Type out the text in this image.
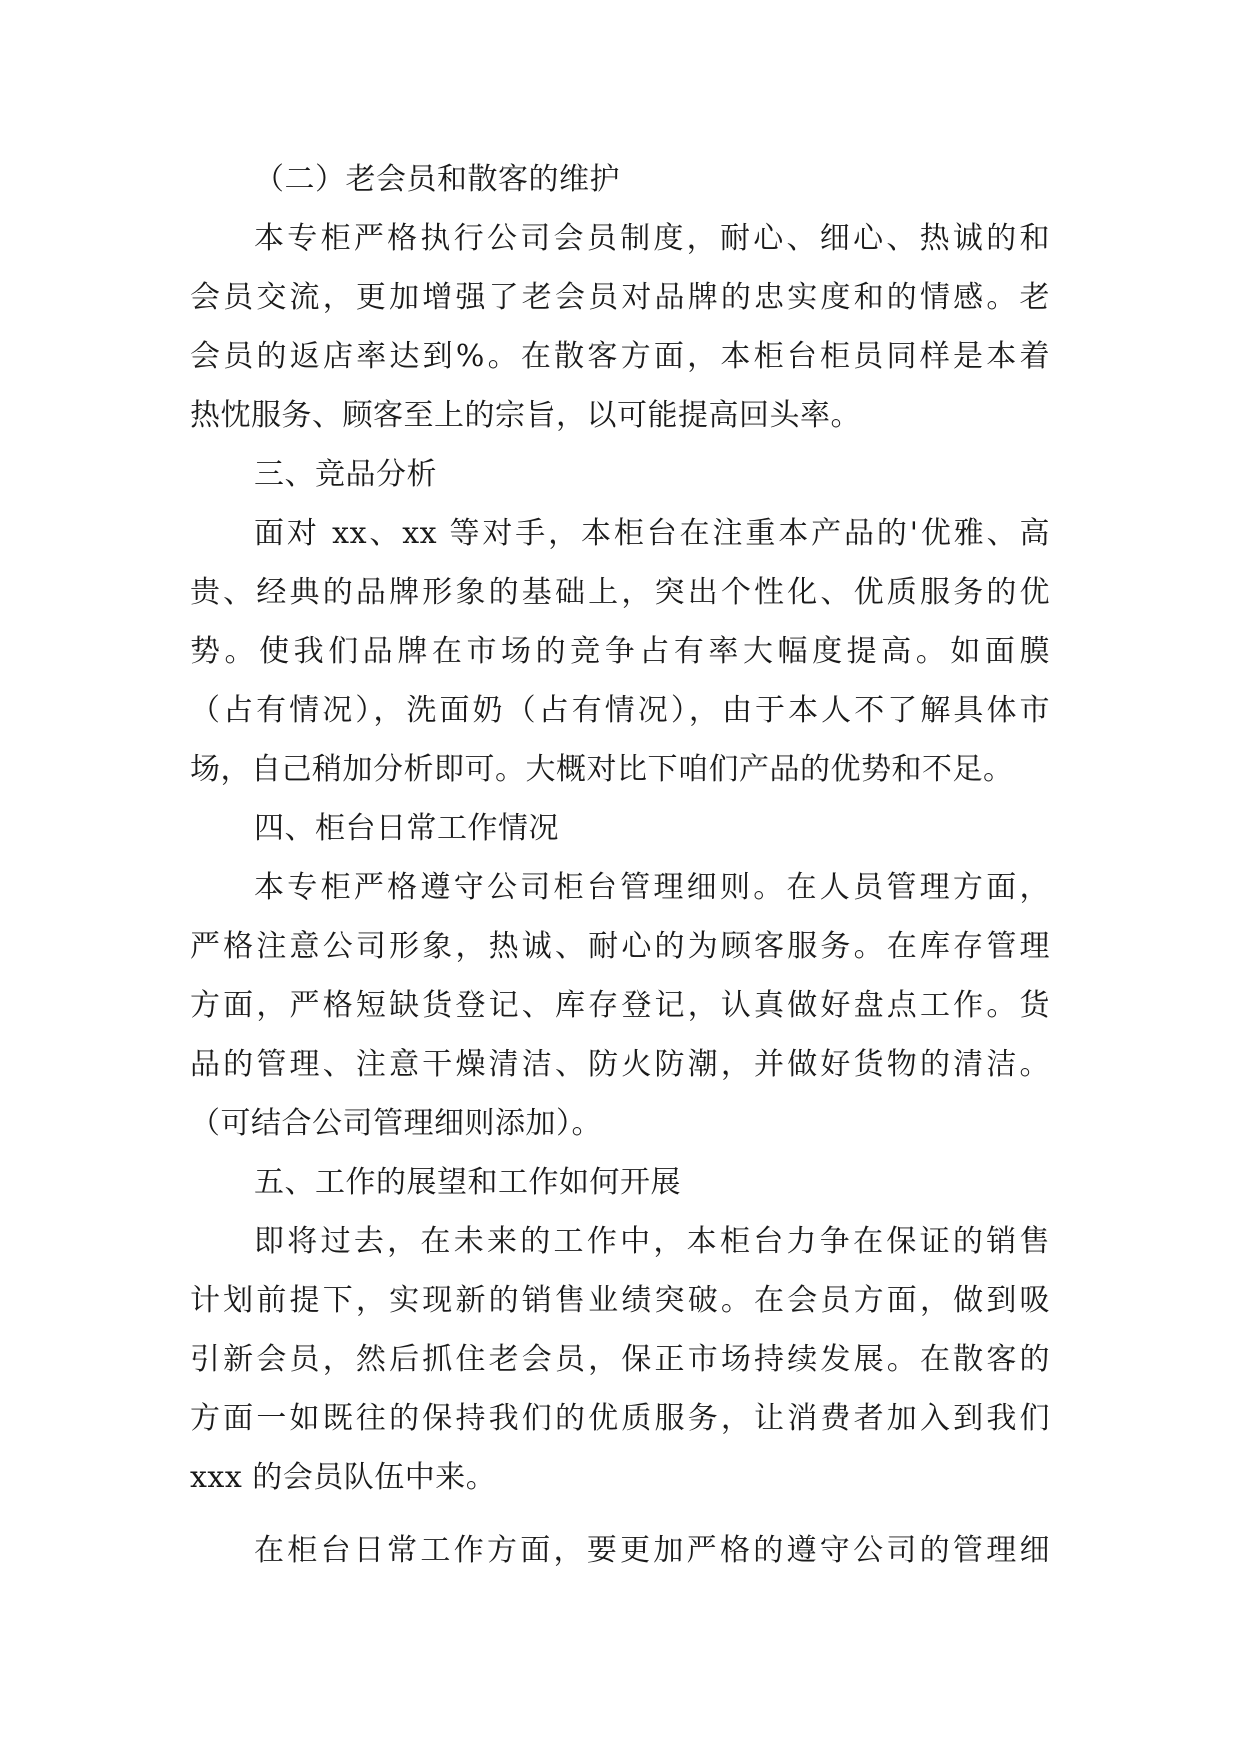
（二）老会员和散客的维护
本专柜严格执行公司会员制度，耐心、细心、热诚的和
会员交流，更加增强了老会员对品牌的忠实度和的情感。老
会员的返店率达到%。在散客方面，本柜台柜员同样是本着
热忱服务、顾客至上的宗旨，以可能提高回头率。
三、竞品分析
面对 xx、xx 等对手，本柜台在注重本产品的'优雅、高
贵、经典的品牌形象的基础上，突出个性化、优质服务的优
势。使我们品牌在市场的竞争占有率大幅度提高。如面膜
（占有情况），洗面奶（占有情况），由于本人不了解具体市
场，自己稍加分析即可。大概对比下咱们产品的优势和不足。
四、柜台日常工作情况
本专柜严格遵守公司柜台管理细则。在人员管理方面，
严格注意公司形象，热诚、耐心的为顾客服务。在库存管理
方面，严格短缺货登记、库存登记，认真做好盘点工作。货
品的管理、注意干燥清洁、防火防潮，并做好货物的清洁。
（可结合公司管理细则添加）。
五、工作的展望和工作如何开展
即将过去，在未来的工作中，本柜台力争在保证的销售
计划前提下，实现新的销售业绩突破。在会员方面，做到吸
引新会员，然后抓住老会员，保正市场持续发展。在散客的
方面一如既往的保持我们的优质服务，让消费者加入到我们
xxx 的会员队伍中来。
在柜台日常工作方面，要更加严格的遵守公司的管理细
